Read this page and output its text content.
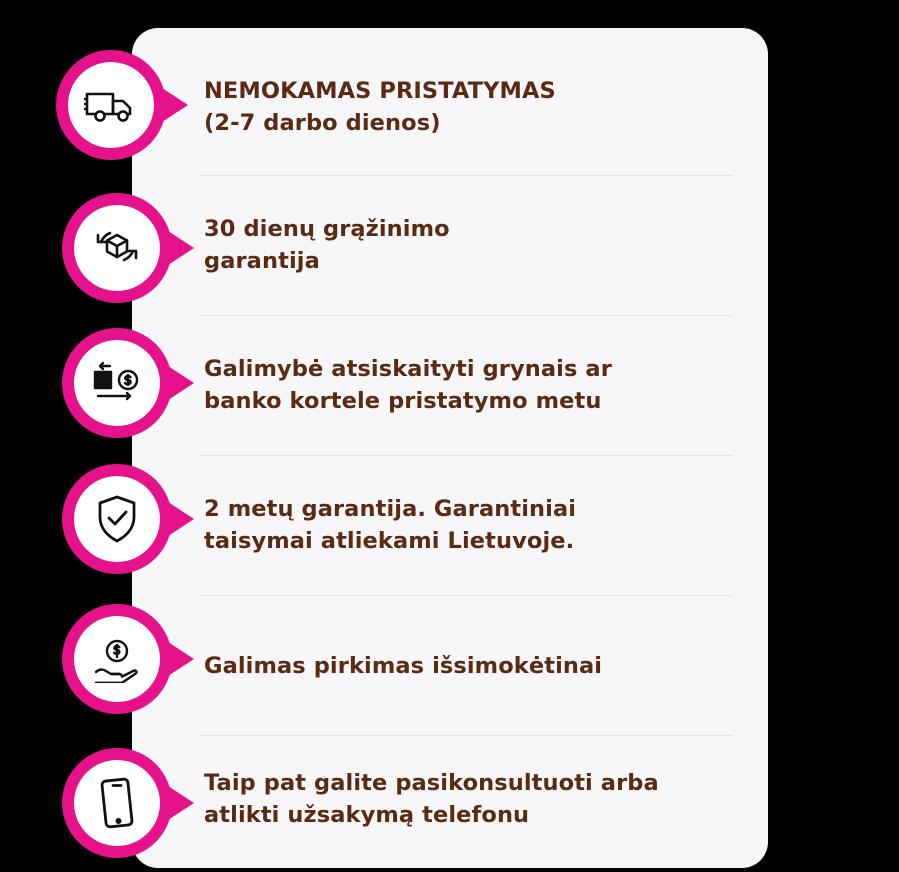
NEMOKAMAS PRISTATYMAS
(2-7 darbo dienos)
30 dienų grąžinimo
garantija
Galimybė atsiskaityti grynais ar
banko kortele pristatymo metu
2 metų garantija. Garantiniai
taisymai atliekami Lietuvoje.
Galimas pirkimas išsimokėtinai
Taip pat galite pasikonsultuoti arba
atlikti užsakymą telefonu
